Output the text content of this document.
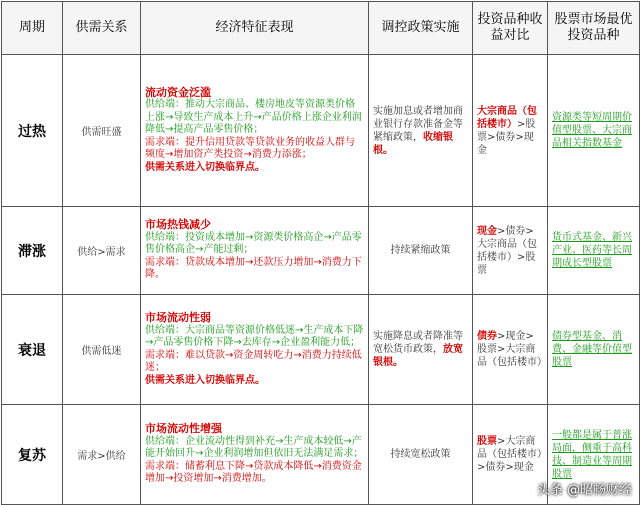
周期	供需关系	经济特征表现	调控政策实施	投资品种收益对比	股票市场最优投资品种
过热	供需旺盛	流动资金泛滥
供给端：推动大宗商品、楼房地皮等资源类价格上涨→导致生产成本上升→产品价格上涨企业利润降低→提高产品零售价格；
需求端：提升信用贷款等贷款业务的收益人群与频度→增加资产类投资→消费力添涨；
供需关系进入切换临界点。	实施加息或者增加商业银行存款准备金等紧缩政策，收缩银根。	大宗商品（包括楼市）>股票>债券>现金	资源类等短周期价值型股票、大宗商品相关指数基金
滞涨	供给>需求	市场热钱减少
供给端：投资成本增加→资源类价格高企→产品零售价格高企→产能过剩；
需求端：贷款成本增加→还款压力增加→消费力下降。	持续紧缩政策	现金>债券>大宗商品（包括楼市）>股票	货币式基金、新兴产业、医药等长周期成长型股票
衰退	供需低迷	市场流动性弱
供给端：大宗商品等资源价格低迷→生产成本下降→产品零售价格下降→去库存→企业盈利能力低；
需求端：难以贷款→资金周转吃力→消费力持续低迷；
供需关系进入切换临界点。	实施降息或者降准等宽松货币政策，放宽银根。	债券>现金>股票>大宗商品（包括楼市）	债券型基金、消费、金融等价值型股票
复苏	需求>供给	市场流动性增强
供给端：企业流动性得到补充→生产成本较低→产能开始回升→企业利润增加但依旧无法满足需求；
需求端：储蓄利息下降→贷款成本降低→消费资金增加→投资增加→消费增加。	持续宽松政策	股票>大宗商品（包括楼市）>债券>现金	一般都是属于普涨局面，侧重于高科技、制造业等周期股票
头条 @昭畅财经
